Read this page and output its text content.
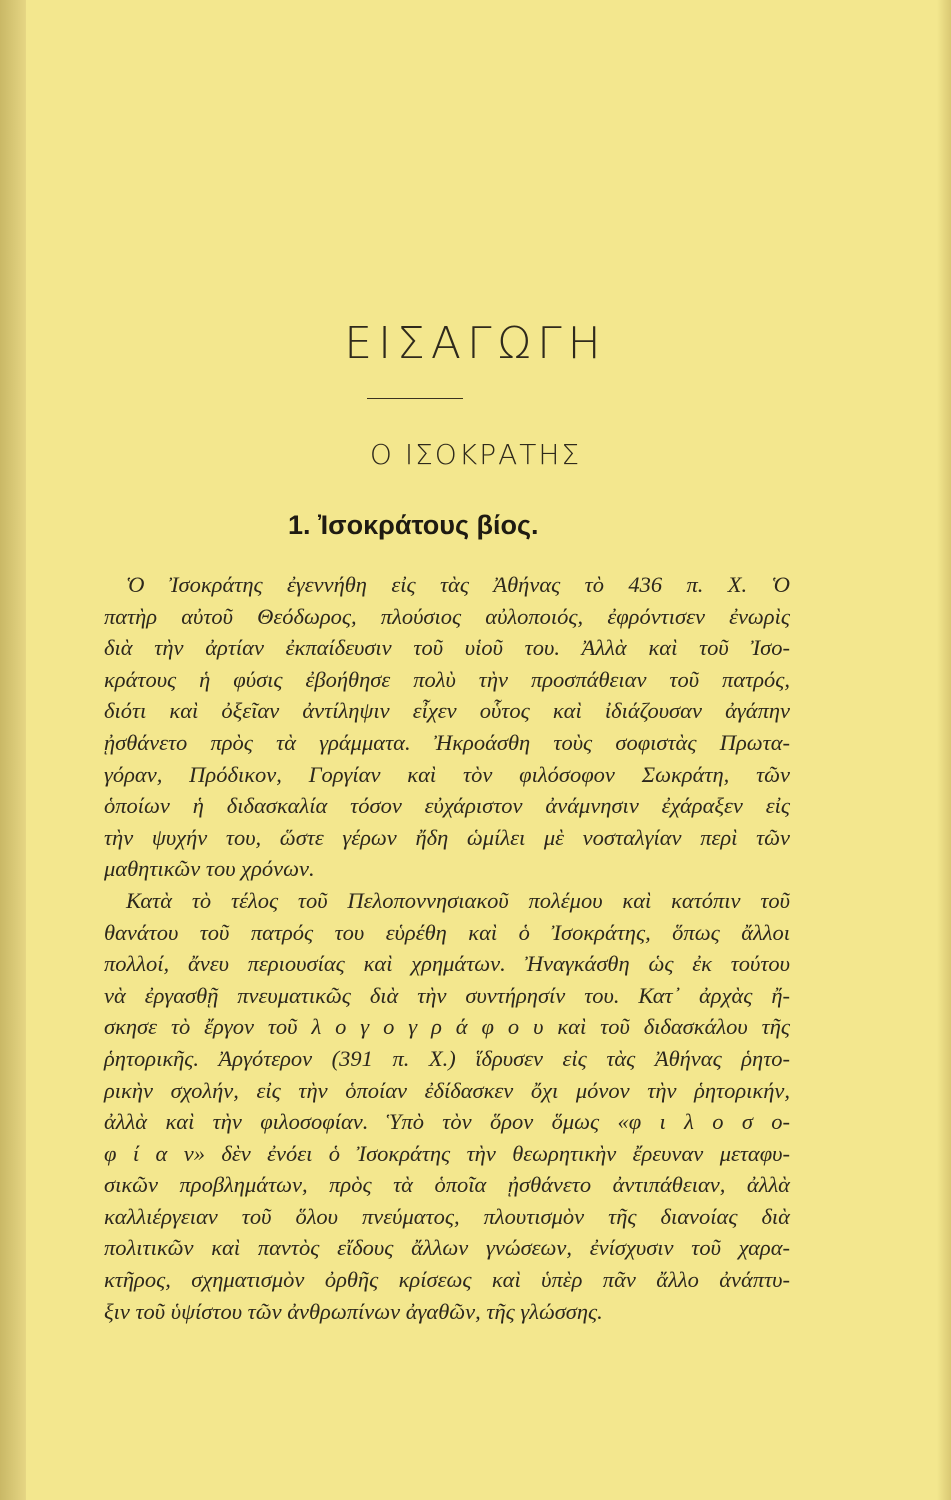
ΕΙΣΑΓΩΓΗ
Ο ΙΣΟΚΡΑΤΗΣ
1. Ἰσοκράτους βίος.

Ὁ Ἰσοκράτης ἐγεννήθη εἰς τὰς Ἀθήνας τὸ 436 π. Χ. Ὁ
πατὴρ αὐτοῦ Θεόδωρος, πλούσιος αὐλοποιός, ἐφρόντισεν ἐνωρὶς
διὰ τὴν ἀρτίαν ἐκπαίδευσιν τοῦ υἱοῦ του. Ἀλλὰ καὶ τοῦ Ἰσο-
κράτους ἡ φύσις ἐβοήθησε πολὺ τὴν προσπάθειαν τοῦ πατρός,
διότι καὶ ὀξεῖαν ἀντίληψιν εἶχεν οὗτος καὶ ἰδιάζουσαν ἀγάπην
ᾐσθάνετο πρὸς τὰ γράμματα. Ἠκροάσθη τοὺς σοφιστὰς Πρωτα-
γόραν, Πρόδικον, Γοργίαν καὶ τὸν φιλόσοφον Σωκράτη, τῶν
ὁποίων ἡ διδασκαλία τόσον εὐχάριστον ἀνάμνησιν ἐχάραξεν εἰς
τὴν ψυχήν του, ὥστε γέρων ἤδη ὡμίλει μὲ νοσταλγίαν περὶ τῶν
μαθητικῶν του χρόνων.

Κατὰ τὸ τέλος τοῦ Πελοποννησιακοῦ πολέμου καὶ κατόπιν τοῦ
θανάτου τοῦ πατρός του εὑρέθη καὶ ὁ Ἰσοκράτης, ὅπως ἄλλοι
πολλοί, ἄνευ περιουσίας καὶ χρημάτων. Ἠναγκάσθη ὡς ἐκ τούτου
νὰ ἐργασθῇ πνευματικῶς διὰ τὴν συντήρησίν του. Κατ᾽ ἀρχὰς ἤ-
σκησε τὸ ἔργον τοῦ λ ο γ ο γ ρ ά φ ο υ καὶ τοῦ διδασκάλου τῆς
ῥητορικῆς. Ἀργότερον (391 π. Χ.) ἵδρυσεν εἰς τὰς Ἀθήνας ῥητο-
ρικὴν σχολήν, εἰς τὴν ὁποίαν ἐδίδασκεν ὄχι μόνον τὴν ῥητορικήν,
ἀλλὰ καὶ τὴν φιλοσοφίαν. Ὑπὸ τὸν ὅρον ὅμως «φ ι λ ο σ ο-
φ ί α ν» δὲν ἐνόει ὁ Ἰσοκράτης τὴν θεωρητικὴν ἔρευναν μεταφυ-
σικῶν προβλημάτων, πρὸς τὰ ὁποῖα ᾐσθάνετο ἀντιπάθειαν, ἀλλὰ
καλλιέργειαν τοῦ ὅλου πνεύματος, πλουτισμὸν τῆς διανοίας διὰ
πολιτικῶν καὶ παντὸς εἴδους ἄλλων γνώσεων, ἐνίσχυσιν τοῦ χαρα-
κτῆρος, σχηματισμὸν ὀρθῆς κρίσεως καὶ ὑπὲρ πᾶν ἄλλο ἀνάπτυ-
ξιν τοῦ ὑψίστου τῶν ἀνθρωπίνων ἀγαθῶν, τῆς γλώσσης.
